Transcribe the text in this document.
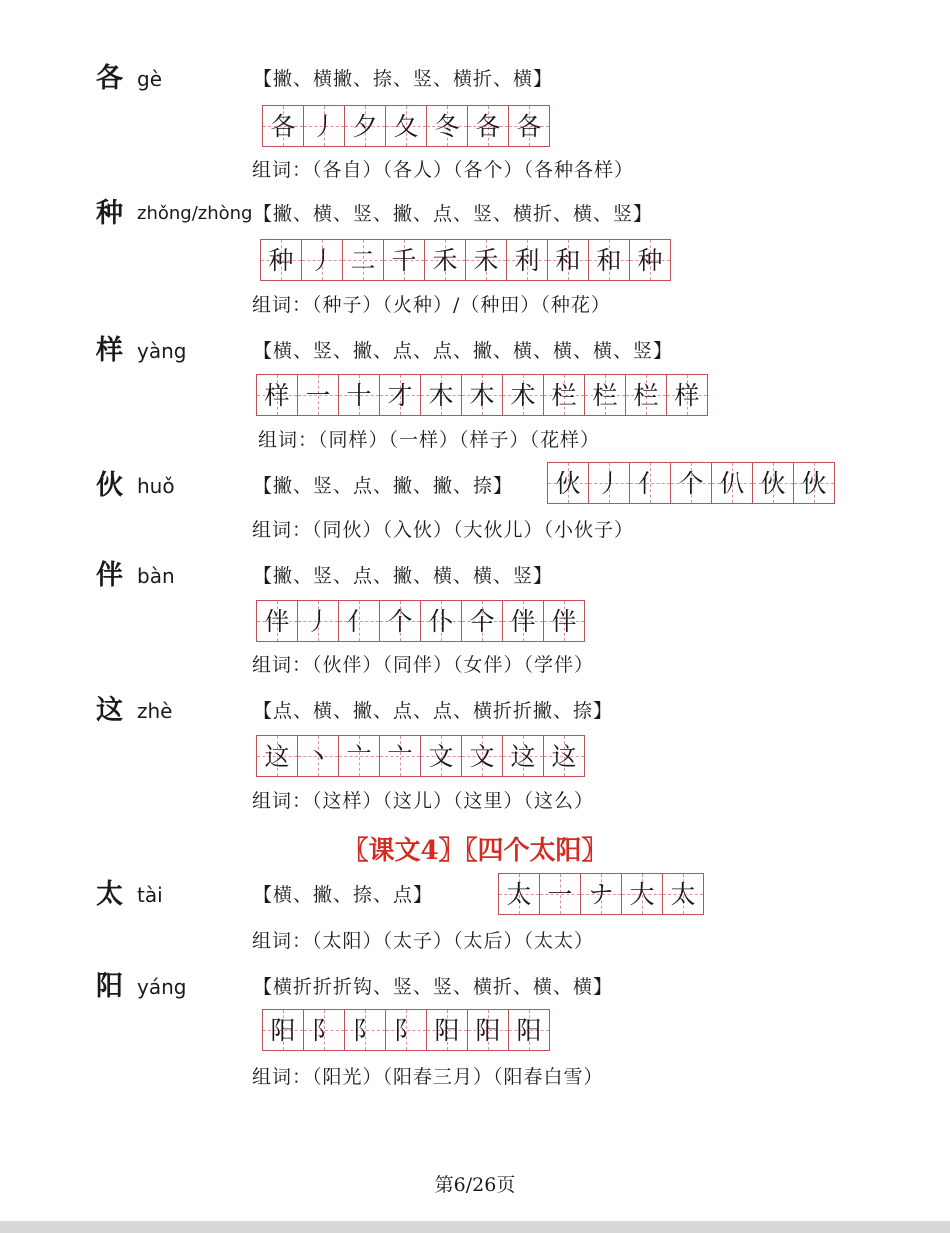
各 gè	【撇、横撇、捺、竖、横折、横】
各 丿 夕 夂 冬 各 各
组词：（各自）（各人）（各个）（各种各样）
种 zhǒng/zhòng 【撇、横、竖、撇、点、竖、横折、横、竖】
种 丿 二 千 禾 禾 利 和 和 种
组词：（种子）（火种）/（种田）（种花）
样 yàng	【横、竖、撇、点、点、撇、横、横、横、竖】
样 一 十 才 木 木 术 栏 栏 栏 样
组词：（同样）（一样）（样子）（花样）
伙 huǒ	【撇、竖、点、撇、撇、捺】 伙 丿 亻 个 仈 伙 伙
组词：（同伙）（入伙）（大伙儿）（小伙子）
伴 bàn	【撇、竖、点、撇、横、横、竖】
伴 丿 亻 个 仆 仐 伴 伴
组词：（伙伴）（同伴）（女伴）（学伴）
这 zhè	【点、横、撇、点、点、横折折撇、捺】
这 丶 亠 亠 文 文 这 这
组词：（这样）（这儿）（这里）（这么）
〖课文4〗〖四个太阳〗
太 tài	【横、撇、捺、点】	太 一 ナ 大 太
组词：（太阳）（太子）（太后）（太太）
阳 yáng	【横折折折钩、竖、竖、横折、横、横】
阳 阝 阝 阝 阳 阳 阳
组词：（阳光）（阳春三月）（阳春白雪）
第6/26页
